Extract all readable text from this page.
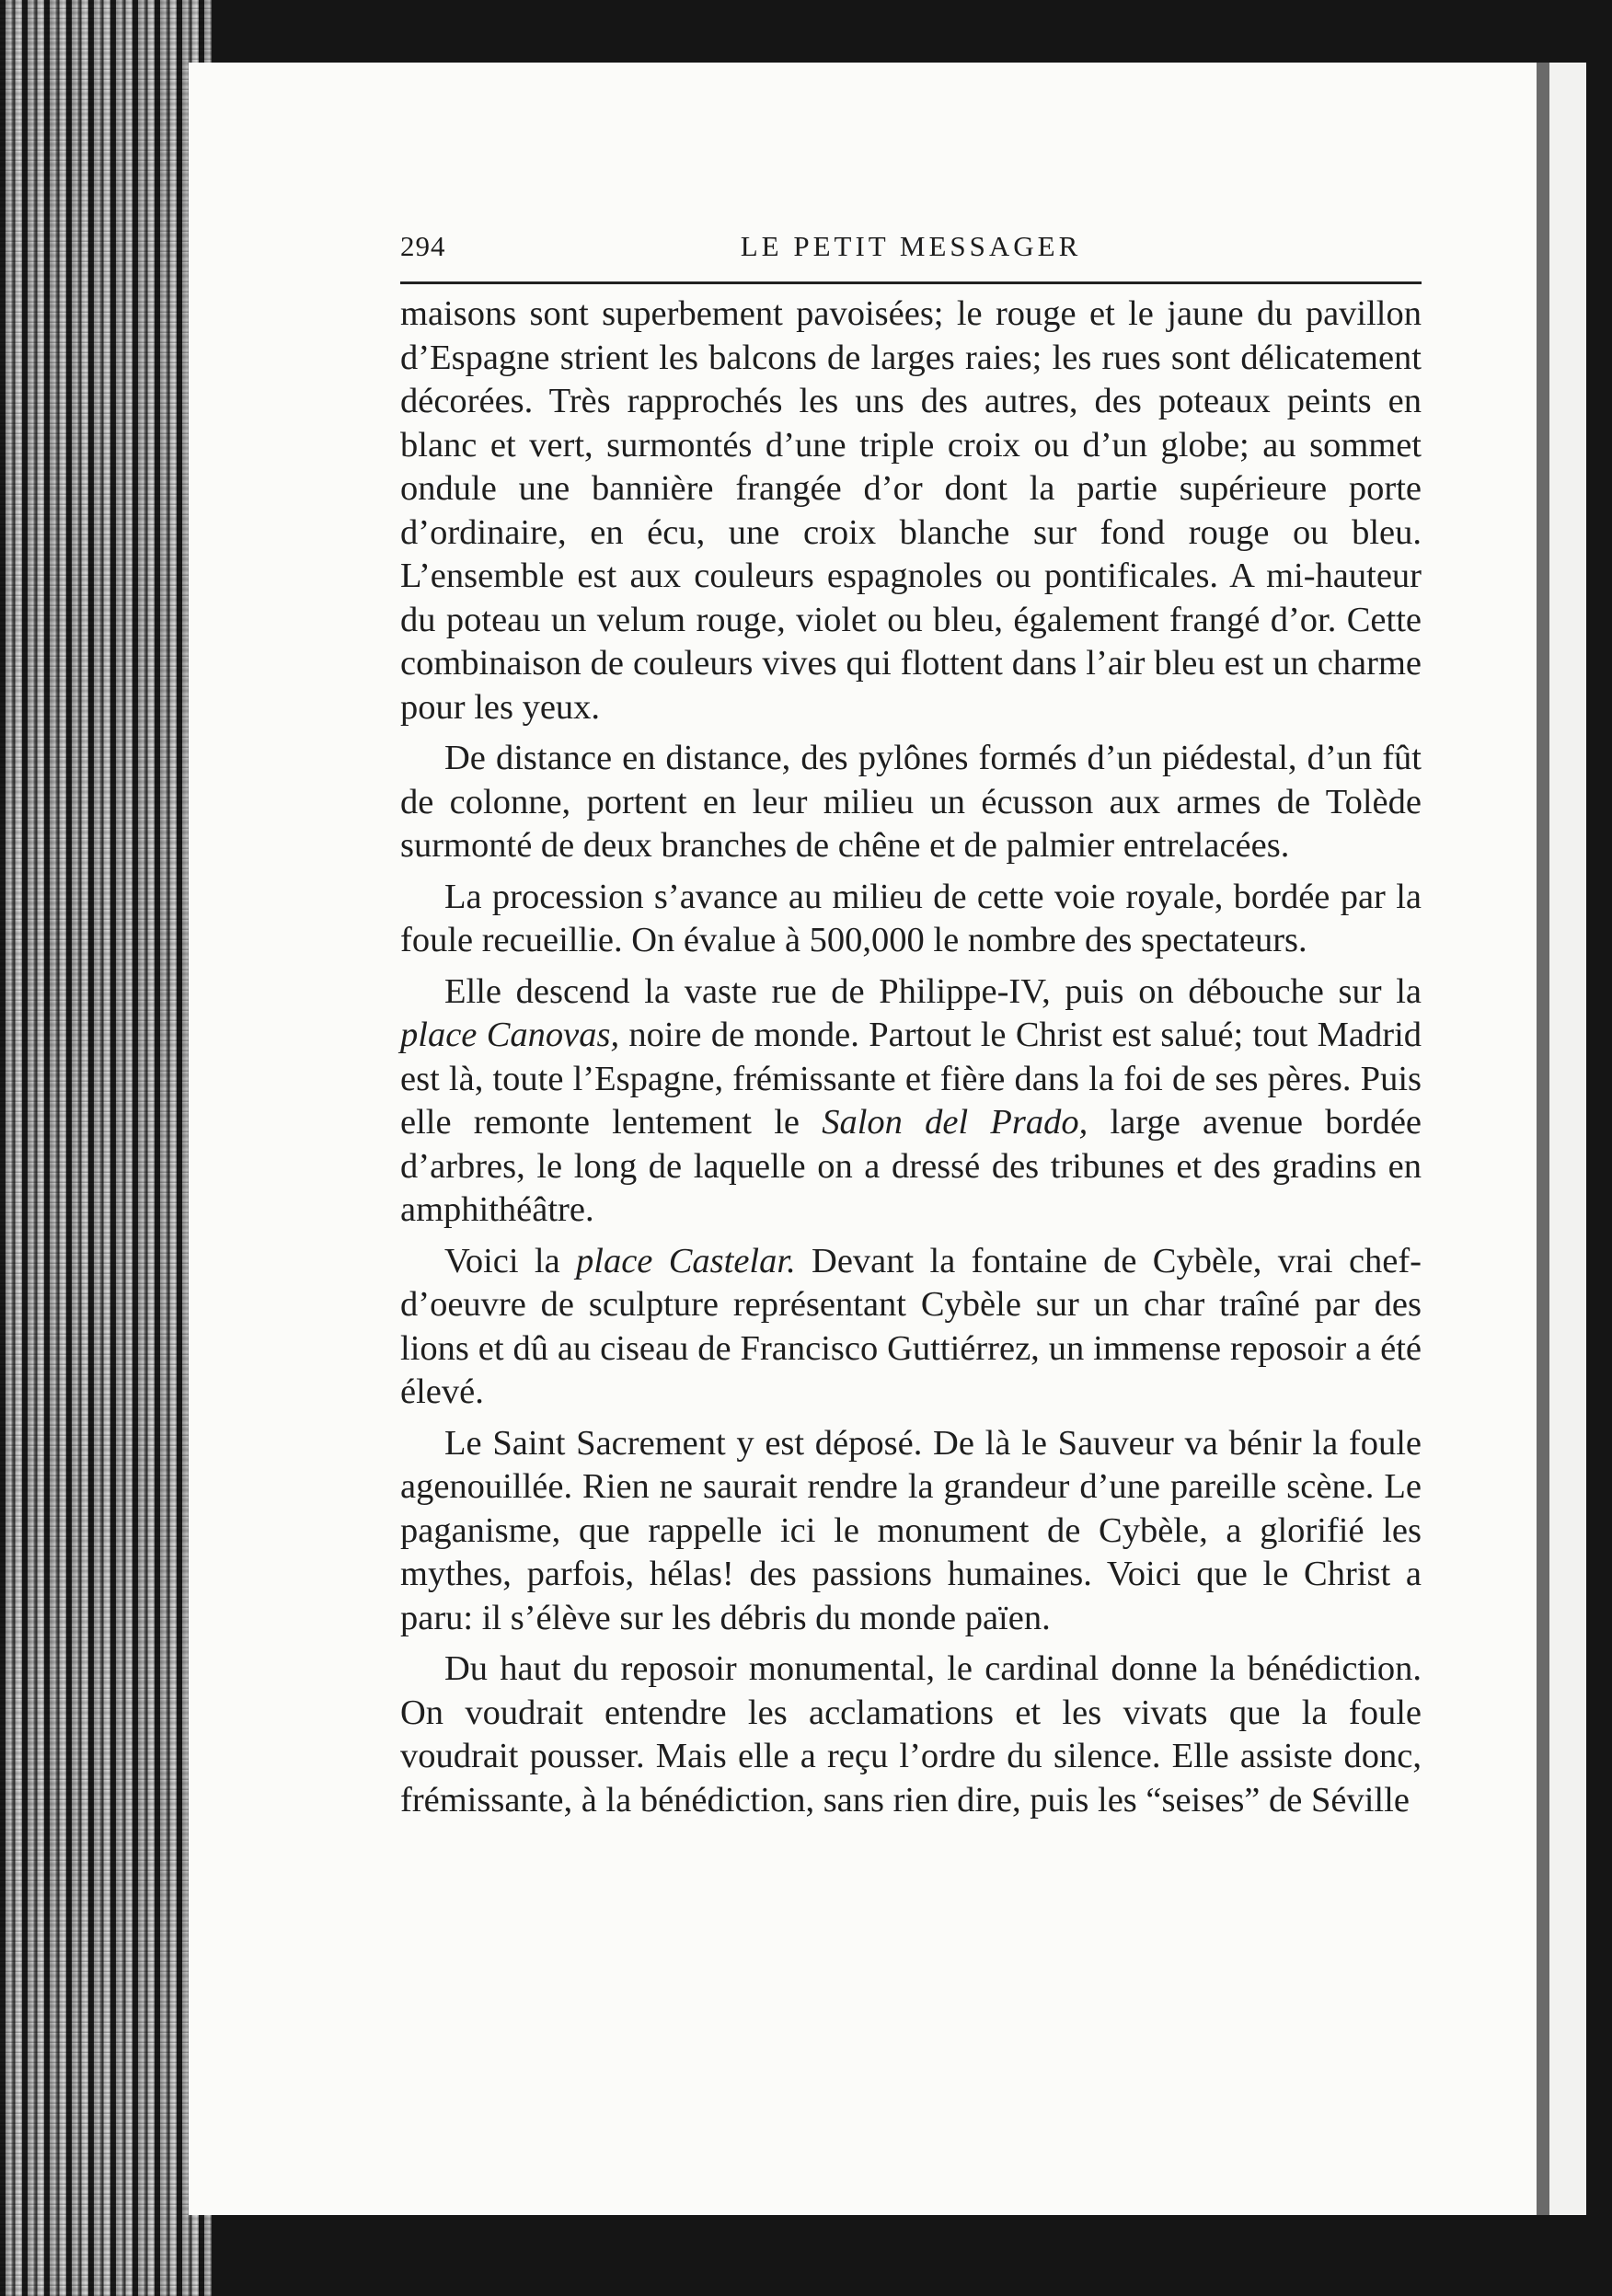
294	LE PETIT MESSAGER

maisons sont superbement pavoisées; le rouge et le jaune du pavillon d’Espagne strient les balcons de larges raies; les rues sont délicatement décorées. Très rapprochés les uns des autres, des poteaux peints en blanc et vert, surmontés d’une triple croix ou d’un globe; au sommet ondule une bannière frangée d’or dont la partie supérieure porte d’ordinaire, en écu, une croix blanche sur fond rouge ou bleu. L’ensemble est aux couleurs espagnoles ou pontificales. A mi-hauteur du poteau un velum rouge, violet ou bleu, également frangé d’or. Cette combinaison de couleurs vives qui flottent dans l’air bleu est un charme pour les yeux.

De distance en distance, des pylônes formés d’un piédestal, d’un fût de colonne, portent en leur milieu un écusson aux armes de Tolède surmonté de deux branches de chêne et de palmier entrelacées.

La procession s’avance au milieu de cette voie royale, bordée par la foule recueillie. On évalue à 500,000 le nombre des spectateurs.

Elle descend la vaste rue de Philippe-IV, puis on débouche sur la place Canovas, noire de monde. Partout le Christ est salué; tout Madrid est là, toute l’Espagne, frémissante et fière dans la foi de ses pères. Puis elle remonte lentement le Salon del Prado, large avenue bordée d’arbres, le long de laquelle on a dressé des tribunes et des gradins en amphithéâtre.

Voici la place Castelar. Devant la fontaine de Cybèle, vrai chef-d’oeuvre de sculpture représentant Cybèle sur un char traîné par des lions et dû au ciseau de Francisco Guttiérrez, un immense reposoir a été élevé.

Le Saint Sacrement y est déposé. De là le Sauveur va bénir la foule agenouillée. Rien ne saurait rendre la grandeur d’une pareille scène. Le paganisme, que rappelle ici le monument de Cybèle, a glorifié les mythes, parfois, hélas! des passions humaines. Voici que le Christ a paru: il s’élève sur les débris du monde païen.

Du haut du reposoir monumental, le cardinal donne la bénédiction. On voudrait entendre les acclamations et les vivats que la foule voudrait pousser. Mais elle a reçu l’ordre du silence. Elle assiste donc, frémissante, à la bénédiction, sans rien dire, puis les “seises” de Séville
